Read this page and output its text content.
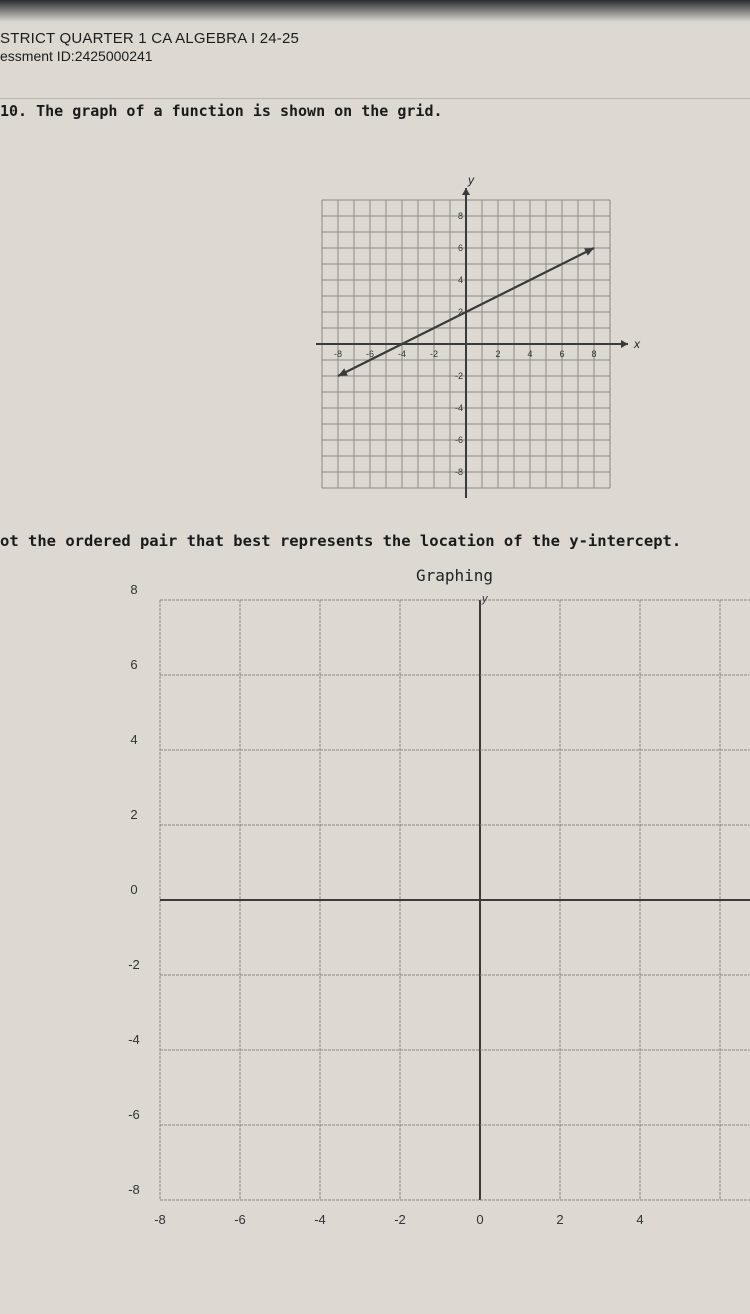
STRICT QUARTER 1 CA ALGEBRA I 24-25
essment ID:2425000241
10. The graph of a function is shown on the grid.
x
y
-8	-6	-4	-2	2	4	6	8
8
6
4
2
-2
-4
-6
-8
ot the ordered pair that best represents the location of the y-intercept.
Graphing
y
8
6
4
2
0
-2
-4
-6
-8
-8	-6	-4	-2	0	2	4
